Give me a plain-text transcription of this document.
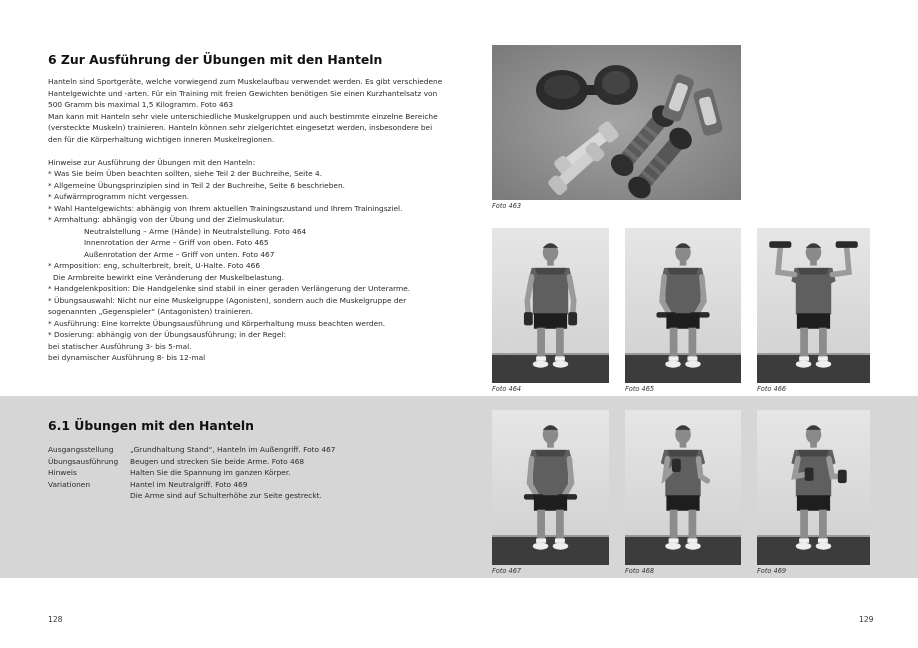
6 Zur Ausführung der Übungen mit den Hanteln
Hanteln sind Sportgeräte, welche vorwiegend zum Muskelaufbau verwendet werden. Es gibt verschiedene
Hantelgewichte und -arten. Für ein Training mit freien Gewichten benötigen Sie einen Kurzhantelsatz von
500 Gramm bis maximal 1,5 Kilogramm. Foto 463
Man kann mit Hanteln sehr viele unterschiedliche Muskelgruppen und auch bestimmte einzelne Bereiche
(versteckte Muskeln) trainieren. Hanteln können sehr zielgerichtet eingesetzt werden, insbesondere bei
den für die Körperhaltung wichtigen inneren Muskelregionen.
Hinweise zur Ausführung der Übungen mit den Hanteln:
* Was Sie beim Üben beachten sollten, siehe Teil 2 der Buchreihe, Seite 4.
* Allgemeine Übungsprinzipien sind in Teil 2 der Buchreihe, Seite 6 beschrieben.
* Aufwärmprogramm nicht vergessen.
* Wahl Hantelgewichts: abhängig von Ihrem aktuellen Trainingszustand und Ihrem Trainingsziel.
* Armhaltung: abhängig von der Übung und der Zielmuskulatur.
Neutralstellung – Arme (Hände) in Neutralstellung. Foto 464
Innenrotation der Arme – Griff von oben. Foto 465
Außenrotation der Arme – Griff von unten. Foto 467
* Armposition: eng, schulterbreit, breit, U-Halte. Foto 466
Die Armbreite bewirkt eine Veränderung der Muskelbelastung.
* Handgelenkposition: Die Handgelenke sind stabil in einer geraden Verlängerung der Unterarme.
* Übungsauswahl: Nicht nur eine Muskelgruppe (Agonisten), sondern auch die Muskelgruppe der
sogenannten „Gegenspieler“ (Antagonisten) trainieren.
* Ausführung: Eine korrekte Übungsausführung und Körperhaltung muss beachten werden.
* Dosierung: abhängig von der Übungsausführung; in der Regel:
bei statischer Ausführung 3- bis 5-mal.
bei dynamischer Ausführung 8- bis 12-mal
6.1 Übungen mit den Hanteln
Ausgangsstellung	„Grundhaltung Stand“, Hanteln im Außengriff. Foto 467
Übungsausführung	Beugen und strecken Sie beide Arme. Foto 468
Hinweis	Halten Sie die Spannung im ganzen Körper.
Variationen	Hantel im Neutralgriff. Foto 469
Die Arme sind auf Schulterhöhe zur Seite gestreckt.
128
Foto 463
Foto 464	Foto 465	Foto 466
Foto 467	Foto 468	Foto 469
129
